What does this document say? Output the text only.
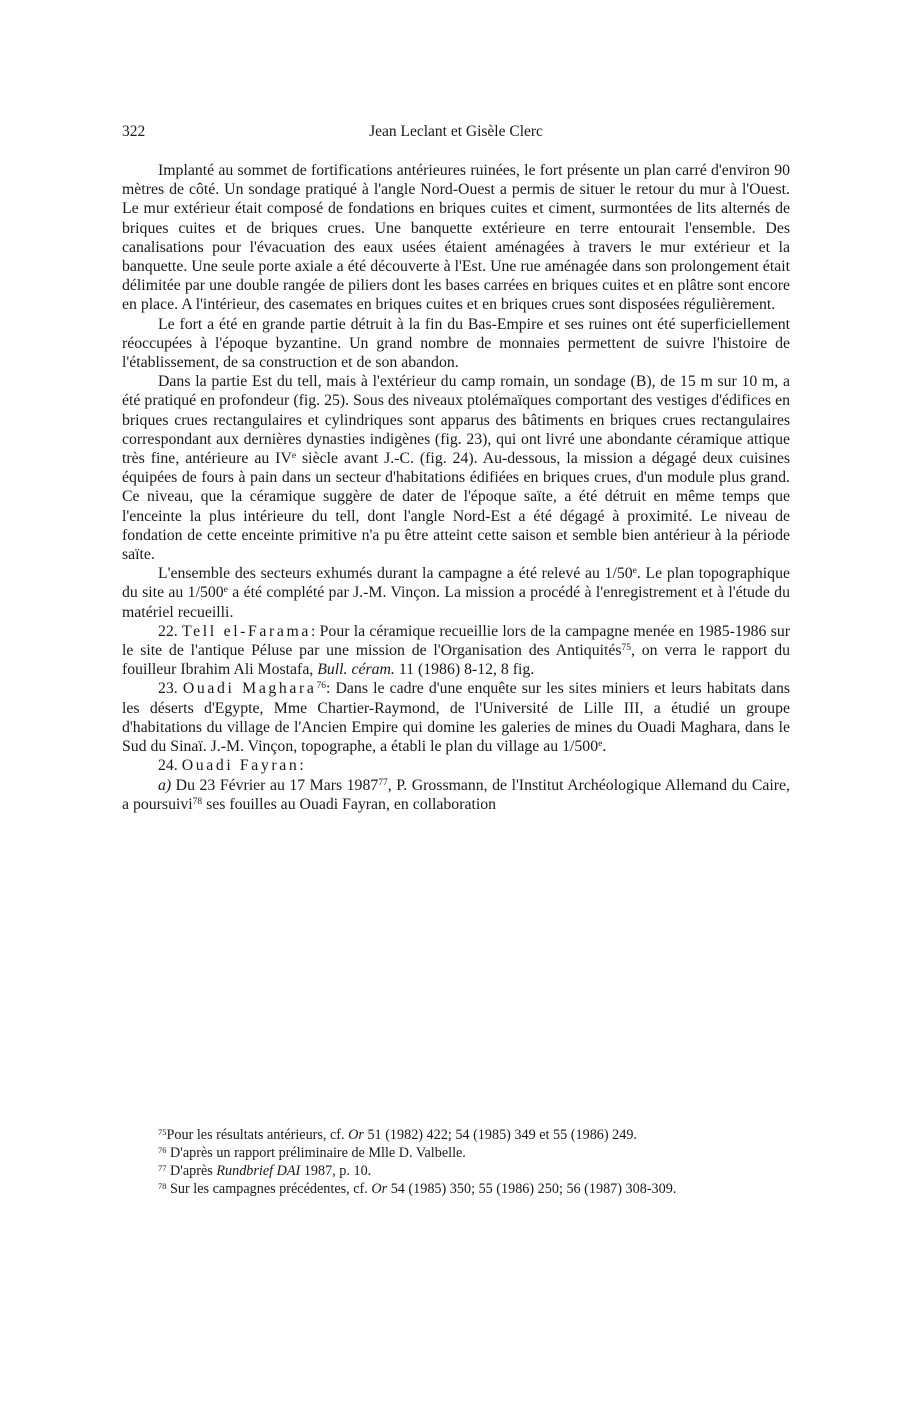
322	Jean Leclant et Gisèle Clerc

Implanté au sommet de fortifications antérieures ruinées, le fort présente un plan carré d'environ 90 mètres de côté. Un sondage pratiqué à l'angle Nord-Ouest a permis de situer le retour du mur à l'Ouest. Le mur extérieur était composé de fondations en briques cuites et ciment, surmontées de lits alternés de briques cuites et de briques crues. Une banquette extérieure en terre entourait l'ensemble. Des canalisations pour l'évacuation des eaux usées étaient aménagées à travers le mur extérieur et la banquette. Une seule porte axiale a été découverte à l'Est. Une rue aménagée dans son prolongement était délimitée par une double rangée de piliers dont les bases carrées en briques cuites et en plâtre sont encore en place. A l'intérieur, des casemates en briques cuites et en briques crues sont disposées régulièrement.

Le fort a été en grande partie détruit à la fin du Bas-Empire et ses ruines ont été superficiellement réoccupées à l'époque byzantine. Un grand nombre de monnaies permettent de suivre l'histoire de l'établissement, de sa construction et de son abandon.

Dans la partie Est du tell, mais à l'extérieur du camp romain, un sondage (B), de 15 m sur 10 m, a été pratiqué en profondeur (fig. 25). Sous des niveaux ptolémaïques comportant des vestiges d'édifices en briques crues rectangulaires et cylindriques sont apparus des bâtiments en briques crues rectangulaires correspondant aux dernières dynasties indigènes (fig. 23), qui ont livré une abondante céramique attique très fine, antérieure au IVe siècle avant J.-C. (fig. 24). Au-dessous, la mission a dégagé deux cuisines équipées de fours à pain dans un secteur d'habitations édifiées en briques crues, d'un module plus grand. Ce niveau, que la céramique suggère de dater de l'époque saïte, a été détruit en même temps que l'enceinte la plus intérieure du tell, dont l'angle Nord-Est a été dégagé à proximité. Le niveau de fondation de cette enceinte primitive n'a pu être atteint cette saison et semble bien antérieur à la période saïte.

L'ensemble des secteurs exhumés durant la campagne a été relevé au 1/50e. Le plan topographique du site au 1/500e a été complété par J.-M. Vinçon. La mission a procédé à l'enregistrement et à l'étude du matériel recueilli.

22. Tell el-Farama: Pour la céramique recueillie lors de la campagne menée en 1985-1986 sur le site de l'antique Péluse par une mission de l'Organisation des Antiquités$^{75}$, on verra le rapport du fouilleur Ibrahim Ali Mostafa, Bull. céram. 11 (1986) 8-12, 8 fig.

23. Ouadi Maghara$^{76}$: Dans le cadre d'une enquête sur les sites miniers et leurs habitats dans les déserts d'Egypte, Mme Chartier-Raymond, de l'Université de Lille III, a étudié un groupe d'habitations du village de l'Ancien Empire qui domine les galeries de mines du Ouadi Maghara, dans le Sud du Sinaï. J.-M. Vinçon, topographe, a établi le plan du village au 1/500e.

24. Ouadi Fayran:

a) Du 23 Février au 17 Mars 1987$^{77}$, P. Grossmann, de l'Institut Archéologique Allemand du Caire, a poursuivi$^{78}$ ses fouilles au Ouadi Fayran, en collaboration

$^{75}$Pour les résultats antérieurs, cf. Or 51 (1982) 422; 54 (1985) 349 et 55 (1986) 249.

$^{76}$ D'après un rapport préliminaire de Mlle D. Valbelle.

$^{77}$ D'après Rundbrief DAI 1987, p. 10.

$^{78}$ Sur les campagnes précédentes, cf. Or 54 (1985) 350; 55 (1986) 250; 56 (1987) 308-309.
